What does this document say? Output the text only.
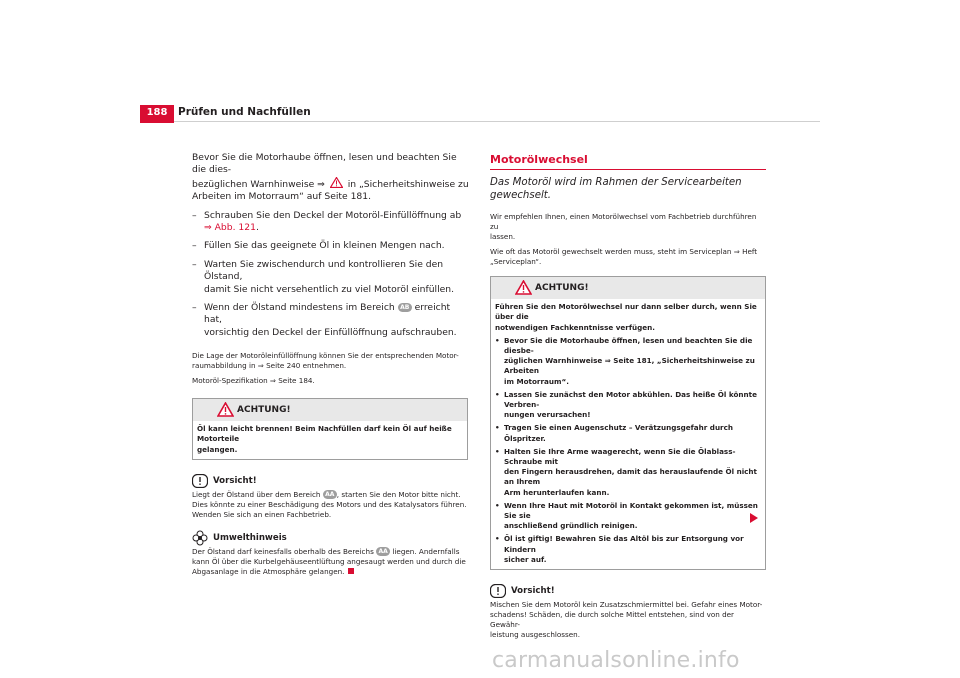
188	Prüfen und Nachfüllen

Bevor Sie die Motorhaube öffnen, lesen und beachten Sie die dies-

bezüglichen Warnhinweise ⇒ in „Sicherheitshinweise zu

Arbeiten im Motorraum“ auf Seite 181.

– Schrauben Sie den Deckel der Motoröl-Einfüllöffnung ab
⇒ Abb. 121.
– Füllen Sie das geeignete Öl in kleinen Mengen nach.
– Warten Sie zwischendurch und kontrollieren Sie den Ölstand,
damit Sie nicht versehentlich zu viel Motoröl einfüllen.
– Wenn der Ölstand mindestens im Bereich AB erreicht hat,
vorsichtig den Deckel der Einfüllöffnung aufschrauben.
Die Lage der Motoröleinfüllöffnung können Sie der entsprechenden Motor-
raumabbildung in ⇒ Seite 240 entnehmen.
Motoröl-Spezifikation ⇒ Seite 184.
ACHTUNG!
Öl kann leicht brennen! Beim Nachfüllen darf kein Öl auf heiße Motorteile
gelangen.
Vorsicht!
Liegt der Ölstand über dem Bereich AA , starten Sie den Motor bitte nicht.
Dies könnte zu einer Beschädigung des Motors und des Katalysators führen.
Wenden Sie sich an einen Fachbetrieb.
Umwelthinweis
Der Ölstand darf keinesfalls oberhalb des Bereichs AA liegen. Andernfalls
kann Öl über die Kurbelgehäuseentlüftung angesaugt werden und durch die
Abgasanlage in die Atmosphäre gelangen.
Motorölwechsel
Das Motoröl wird im Rahmen der Servicearbeiten gewechselt.
Wir empfehlen Ihnen, einen Motorölwechsel vom Fachbetrieb durchführen zu
lassen.
Wie oft das Motoröl gewechselt werden muss, steht im Serviceplan ⇒ Heft
„Serviceplan“.
ACHTUNG!
Führen Sie den Motorölwechsel nur dann selber durch, wenn Sie über die
notwendigen Fachkenntnisse verfügen.
• Bevor Sie die Motorhaube öffnen, lesen und beachten Sie die diesbe-
züglichen Warnhinweise ⇒ Seite 181, „Sicherheitshinweise zu Arbeiten
im Motorraum“.
• Lassen Sie zunächst den Motor abkühlen. Das heiße Öl könnte Verbren-
nungen verursachen!
• Tragen Sie einen Augenschutz – Verätzungsgefahr durch Ölspritzer.
• Halten Sie Ihre Arme waagerecht, wenn Sie die Ölablass-Schraube mit
den Fingern herausdrehen, damit das herauslaufende Öl nicht an Ihrem
Arm herunterlaufen kann.
• Wenn Ihre Haut mit Motoröl in Kontakt gekommen ist, müssen Sie sie
anschließend gründlich reinigen.
• Öl ist giftig! Bewahren Sie das Altöl bis zur Entsorgung vor Kindern
sicher auf.
Vorsicht!
Mischen Sie dem Motoröl kein Zusatzschmiermittel bei. Gefahr eines Motor-
schadens! Schäden, die durch solche Mittel entstehen, sind von der Gewähr-
leistung ausgeschlossen.
carmanualsonline.info
